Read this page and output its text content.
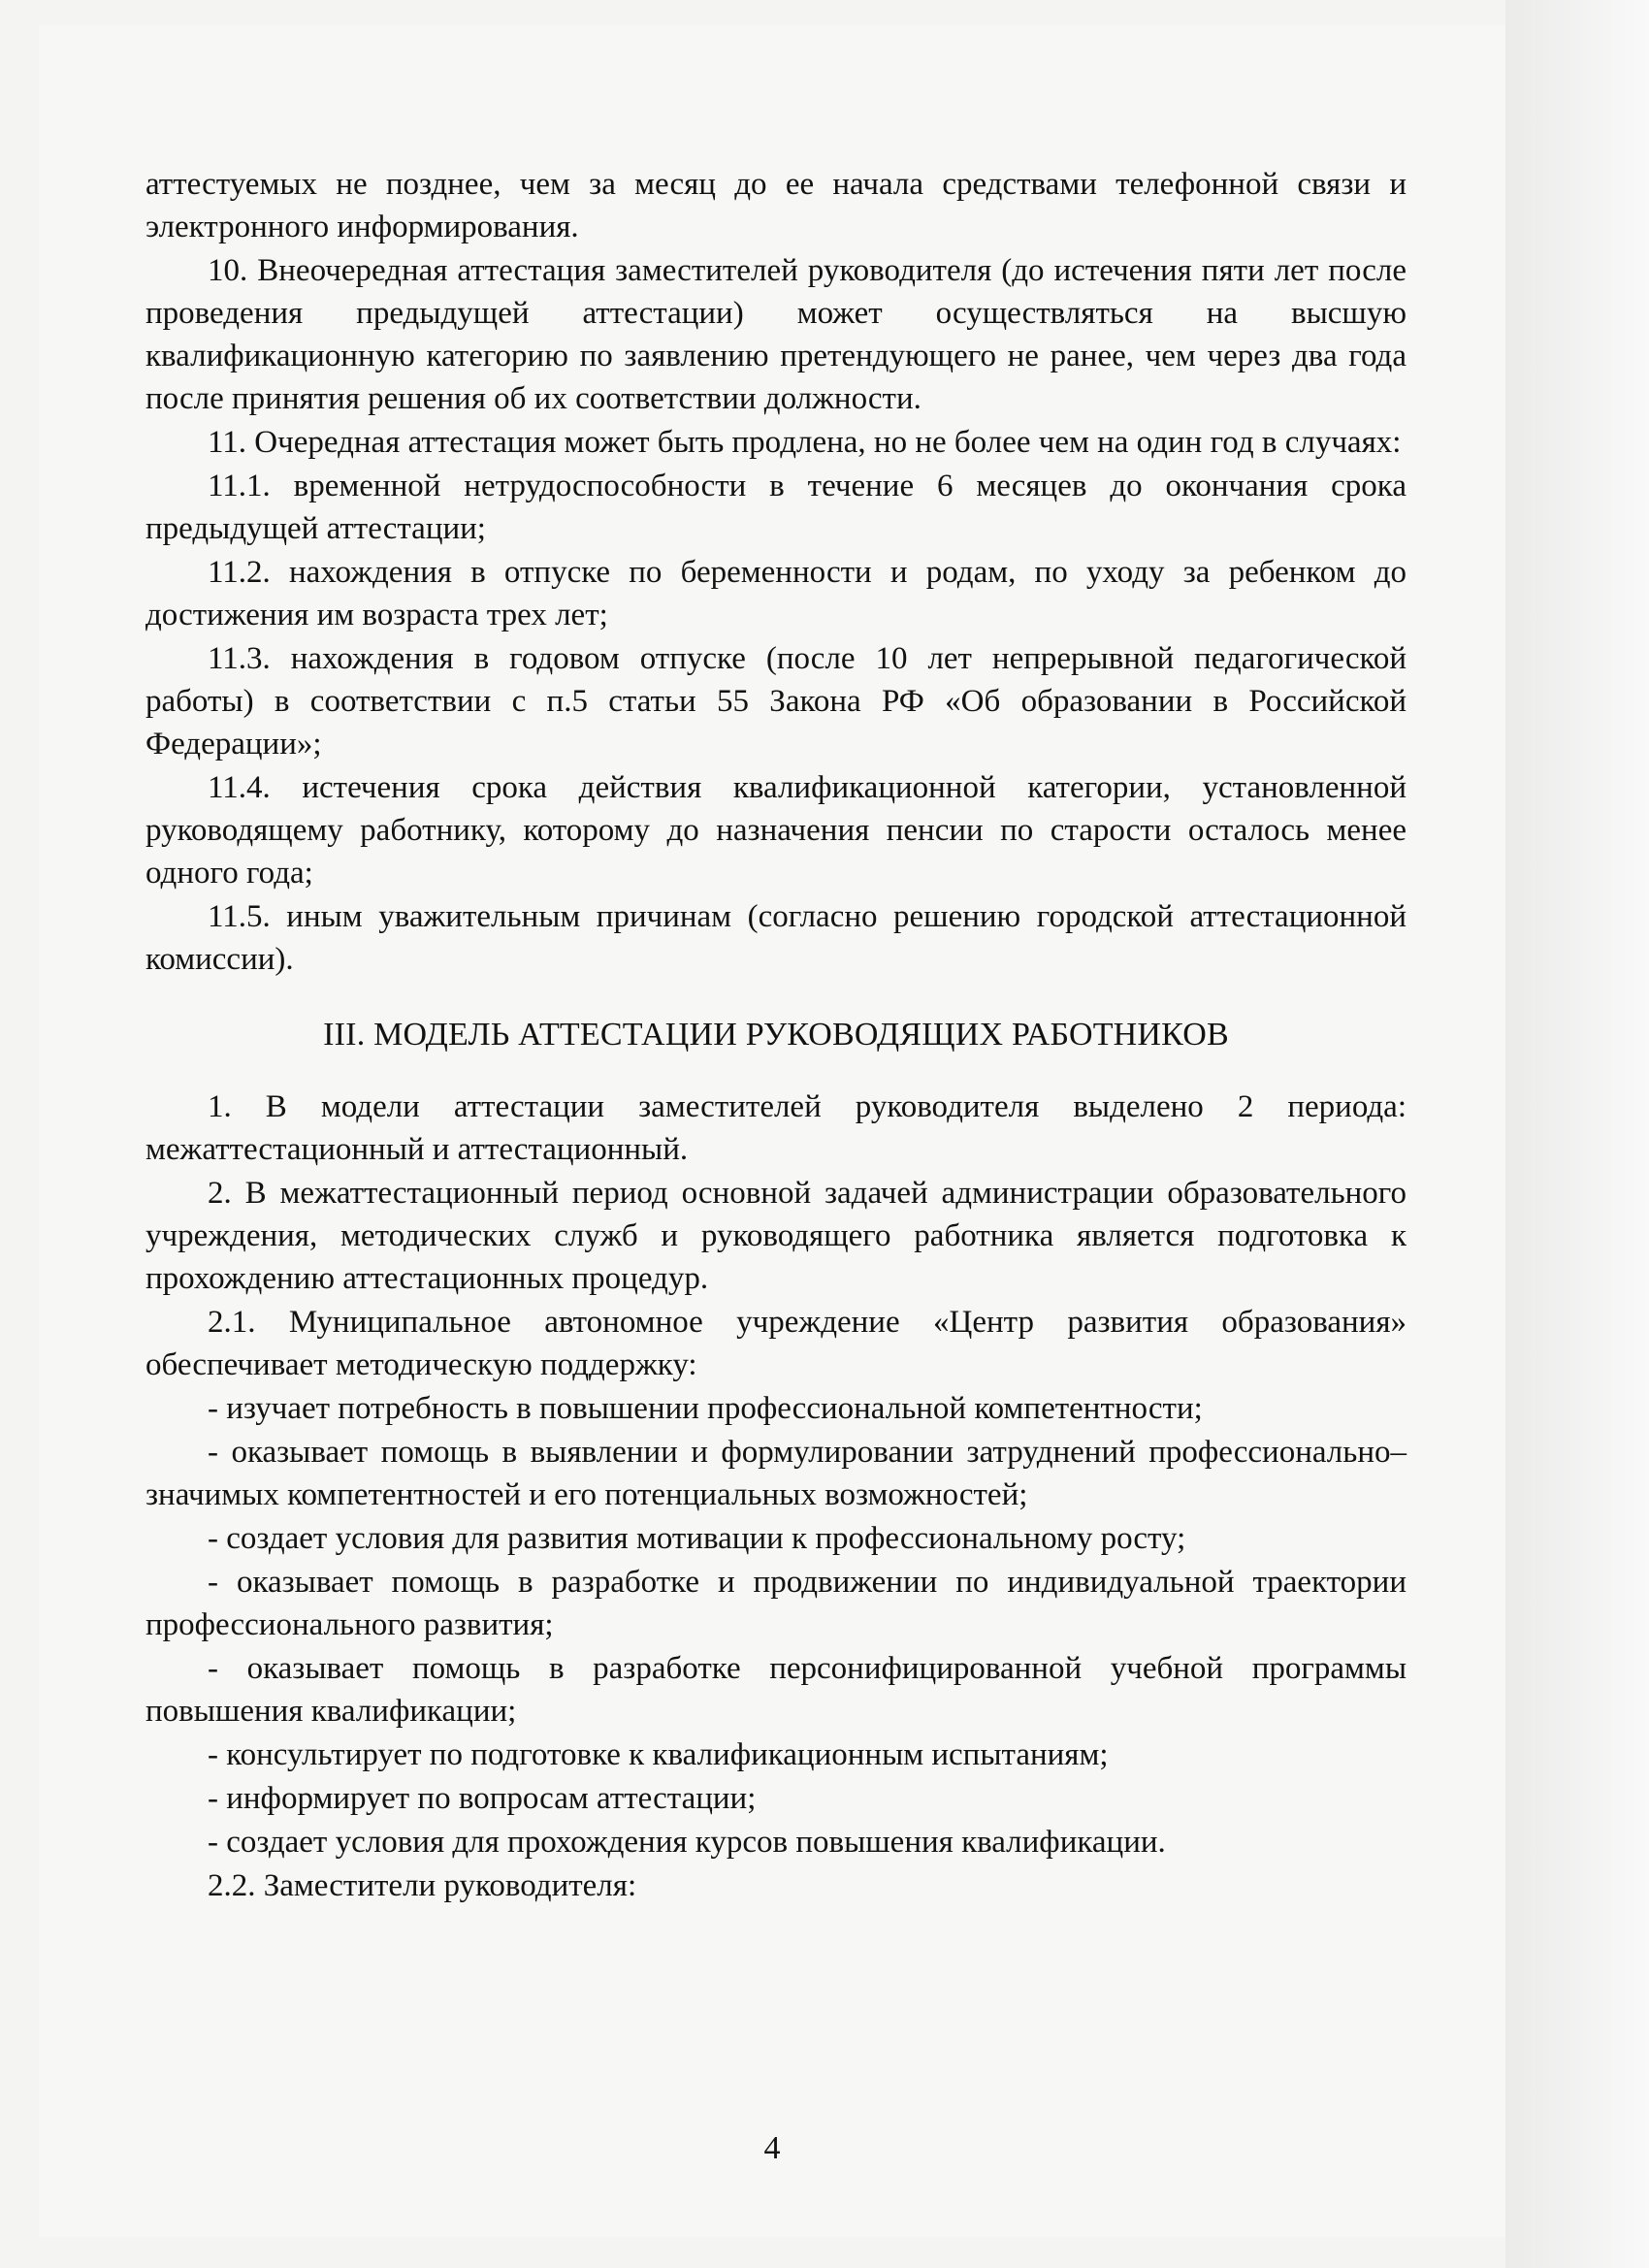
аттестуемых не позднее, чем за месяц до ее начала средствами телефонной связи и электронного информирования.

10. Внеочередная аттестация заместителей руководителя (до истечения пяти лет после проведения предыдущей аттестации) может осуществляться на высшую квалификационную категорию по заявлению претендующего не ранее, чем через два года после принятия решения об их соответствии должности.

11. Очередная аттестация может быть продлена, но не более чем на один год в случаях:

11.1. временной нетрудоспособности в течение 6 месяцев до окончания срока предыдущей аттестации;

11.2. нахождения в отпуске по беременности и родам, по уходу за ребенком до достижения им возраста трех лет;

11.3. нахождения в годовом отпуске (после 10 лет непрерывной педагогической работы) в соответствии с п.5 статьи 55 Закона РФ «Об образовании в Российской Федерации»;

11.4. истечения срока действия квалификационной категории, установленной руководящему работнику, которому до назначения пенсии по старости осталось менее одного года;

11.5. иным уважительным причинам (согласно решению городской аттестационной комиссии).

III. МОДЕЛЬ АТТЕСТАЦИИ РУКОВОДЯЩИХ РАБОТНИКОВ

1. В модели аттестации заместителей руководителя выделено 2 периода: межаттестационный и аттестационный.

2. В межаттестационный период основной задачей администрации образовательного учреждения, методических служб и руководящего работника является подготовка к прохождению аттестационных процедур.

2.1. Муниципальное автономное учреждение «Центр развития образования» обеспечивает методическую поддержку:

- изучает потребность в повышении профессиональной компетентности;

- оказывает помощь в выявлении и формулировании затруднений профессионально–значимых компетентностей и его потенциальных возможностей;

- создает условия для развития мотивации к профессиональному росту;

- оказывает помощь в разработке и продвижении по индивидуальной траектории профессионального развития;

- оказывает помощь в разработке персонифицированной учебной программы повышения квалификации;

- консультирует по подготовке к квалификационным испытаниям;

- информирует по вопросам аттестации;

- создает условия для прохождения курсов повышения квалификации.

2.2. Заместители руководителя:

4
